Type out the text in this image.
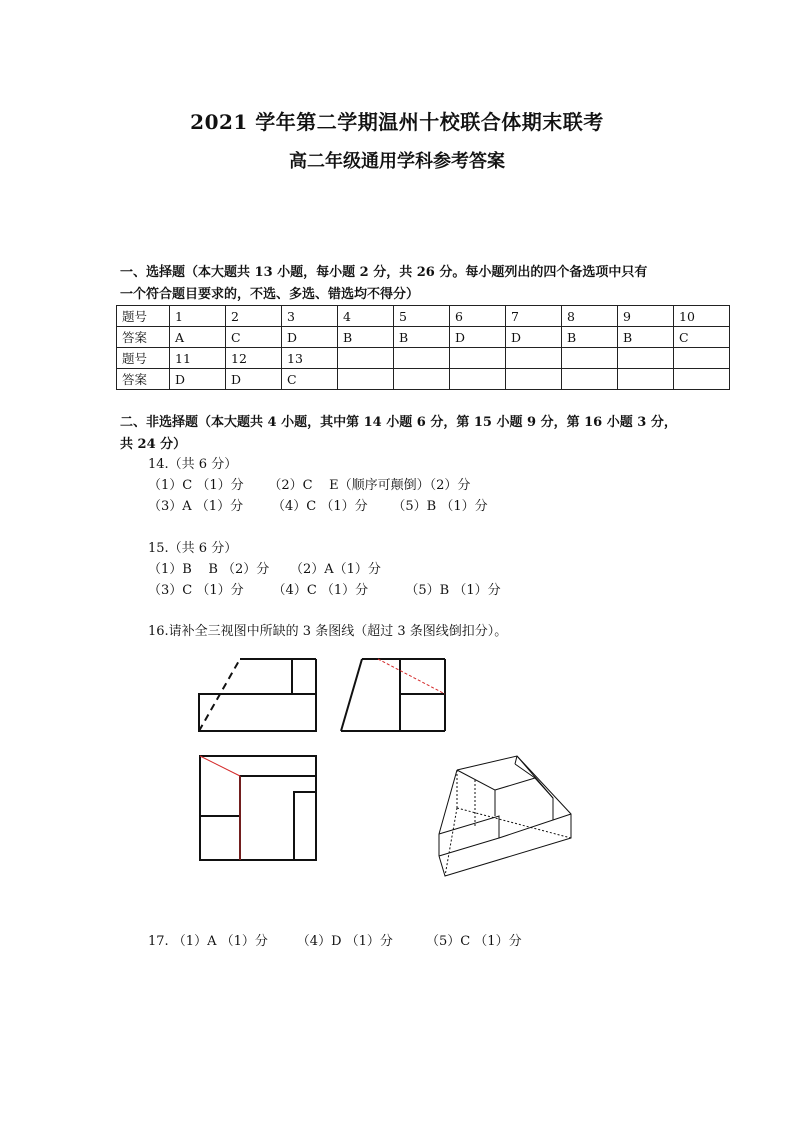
2021 学年第二学期温州十校联合体期末联考
高二年级通用学科参考答案
一、选择题（本大题共 13 小题，每小题 2 分，共 26 分。每小题列出的四个备选项中只有
一个符合题目要求的，不选、多选、错选均不得分）
题号	1	2	3	4	5	6	7	8	9	10
答案	A	C	D	B	B	D	D	B	B	C
题号	11	12	13							
答案	D	D	C							
二、非选择题（本大题共 4 小题，其中第 14 小题 6 分，第 15 小题 9 分，第 16 小题 3 分，
共 24 分）
14.（共 6 分）
（1）C （1）分      （2）C    E（顺序可颠倒）（2）分
（3）A （1）分       （4）C （1）分      （5）B （1）分
15.（共 6 分）
（1）B    B （2）分     （2）A（1）分
（3）C （1）分       （4）C （1）分         （5）B （1）分
16.请补全三视图中所缺的 3 条图线（超过 3 条图线倒扣分）。
17. （1）A （1）分       （4）D （1）分        （5）C （1）分
